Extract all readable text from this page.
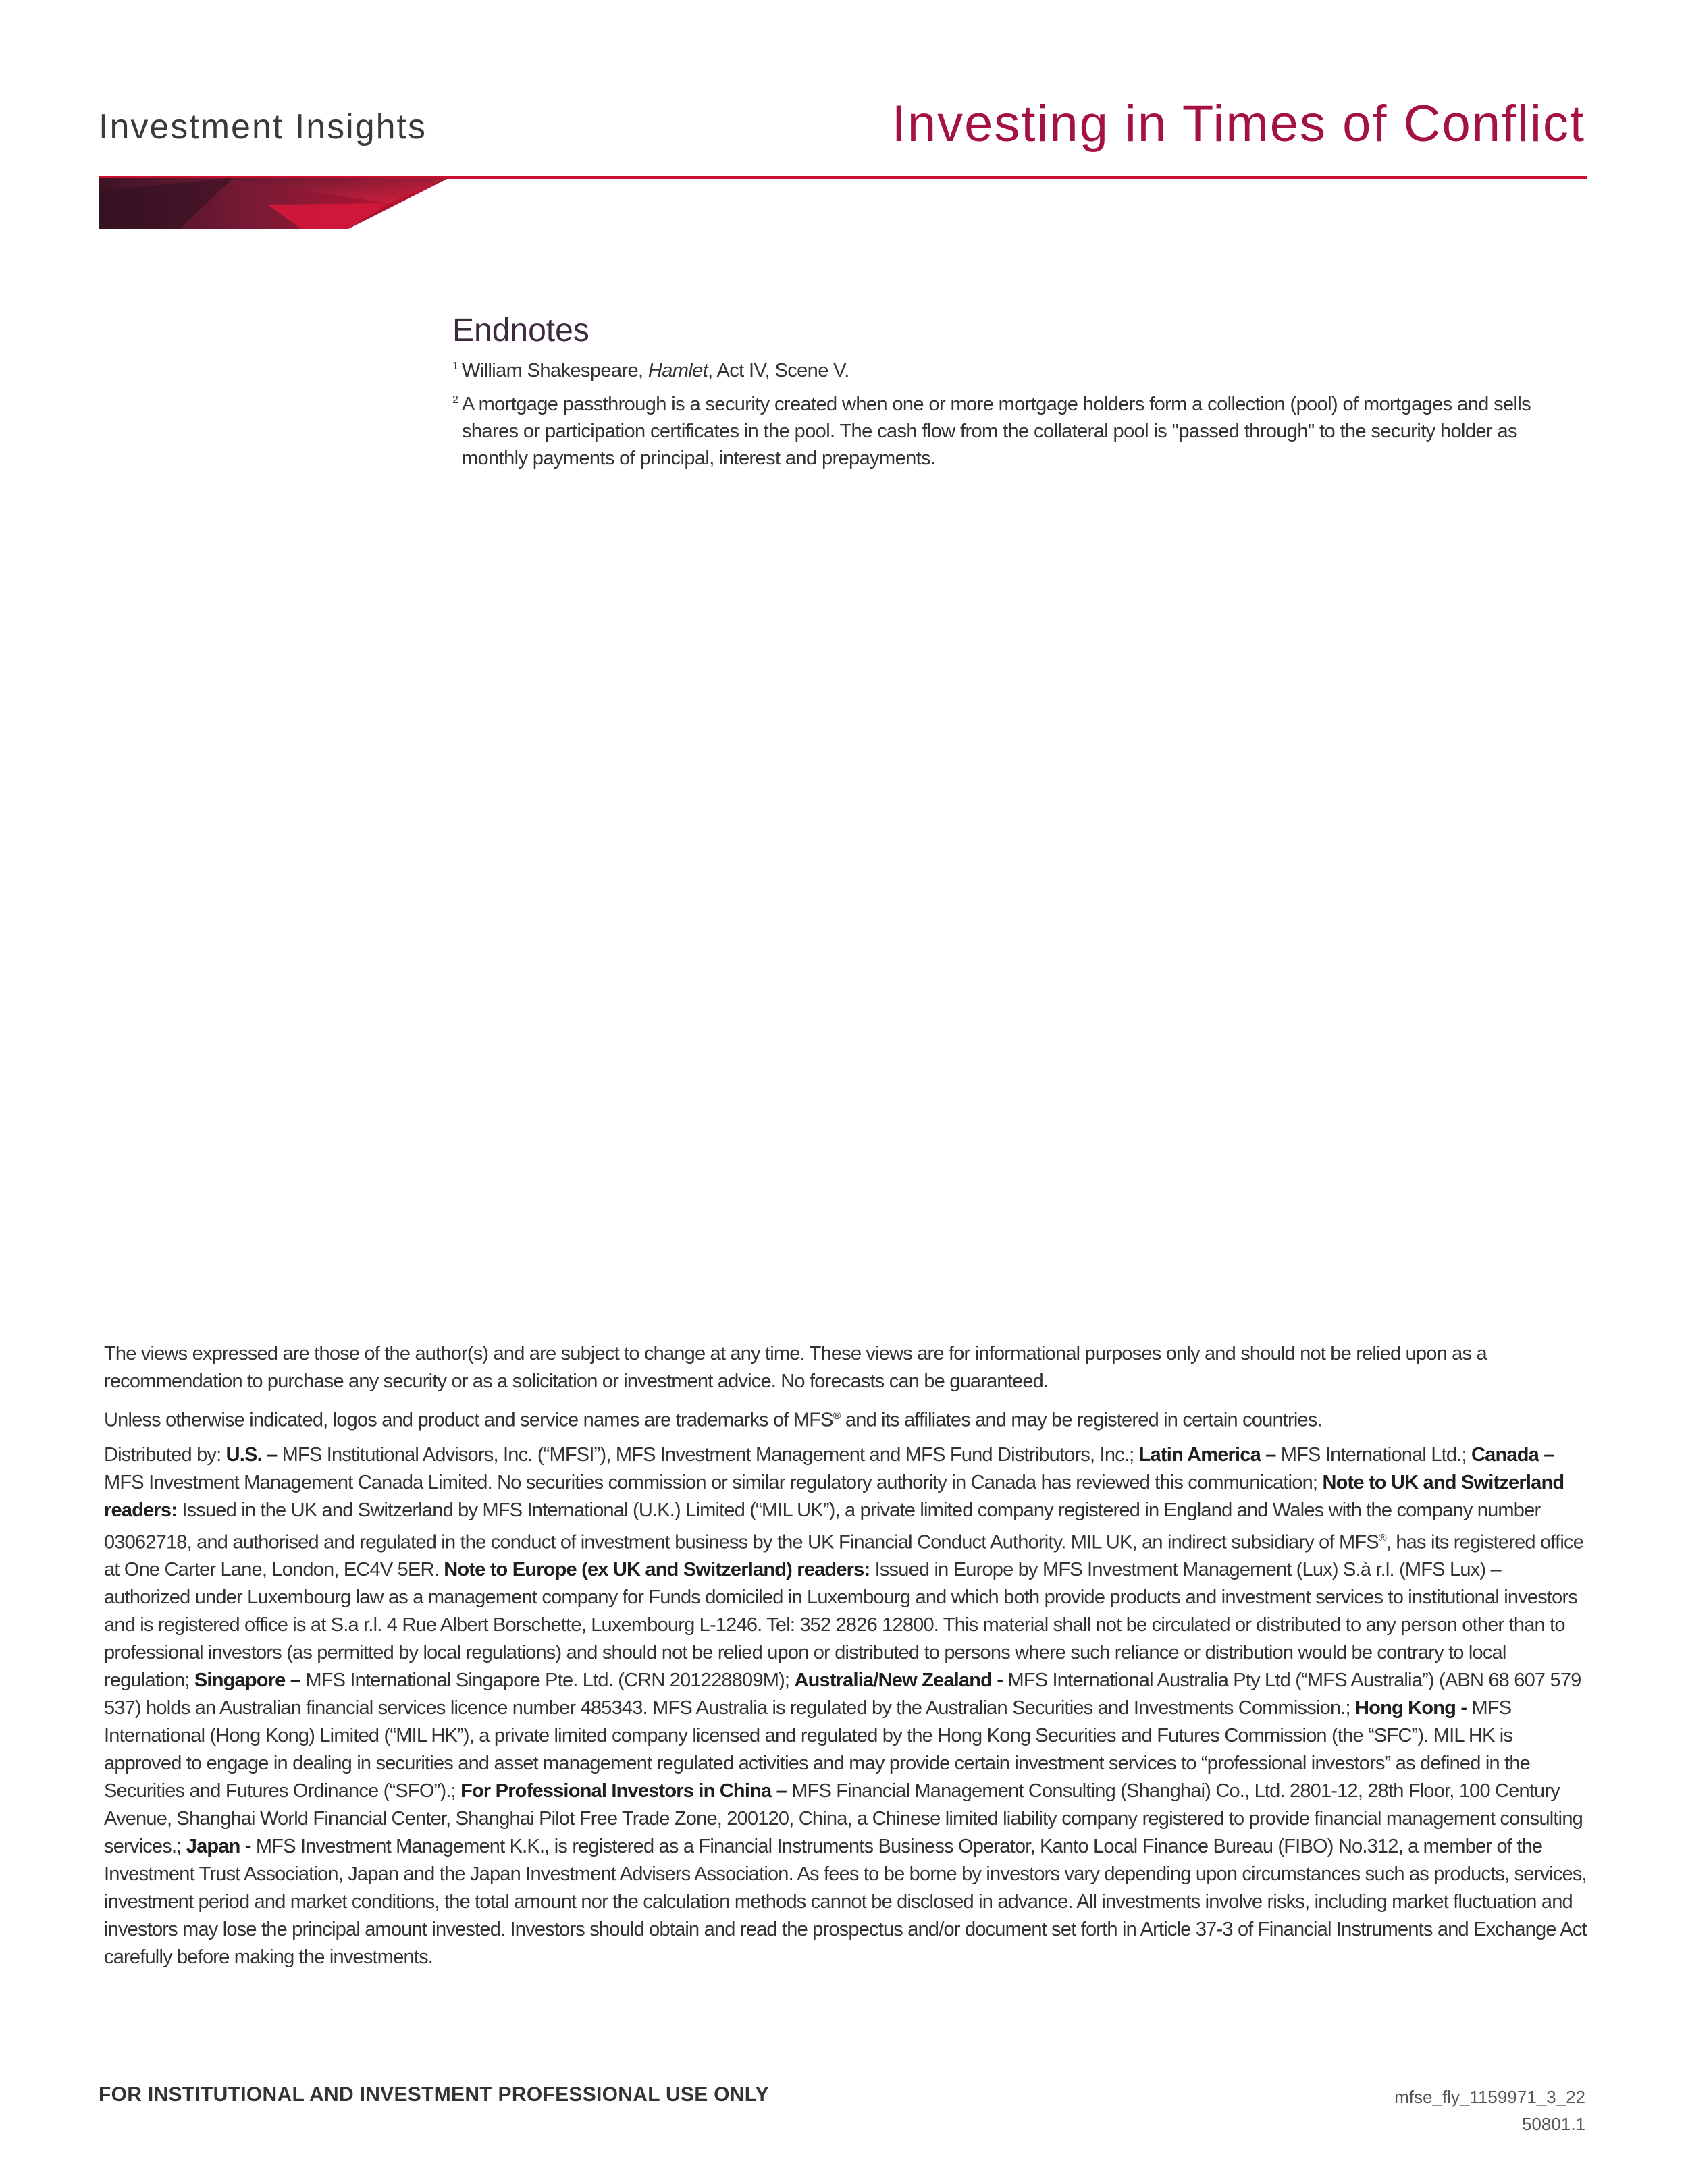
Investment Insights	Investing in Times of Conflict
Endnotes
1 William Shakespeare, Hamlet, Act IV, Scene V.
2 A mortgage passthrough is a security created when one or more mortgage holders form a collection (pool) of mortgages and sells shares or participation certificates in the pool. The cash flow from the collateral pool is "passed through" to the security holder as monthly payments of principal, interest and prepayments.

The views expressed are those of the author(s) and are subject to change at any time. These views are for informational purposes only and should not be relied upon as a recommendation to purchase any security or as a solicitation or investment advice. No forecasts can be guaranteed.

Unless otherwise indicated, logos and product and service names are trademarks of MFS® and its affiliates and may be registered in certain countries.

Distributed by: U.S. – MFS Institutional Advisors, Inc. (“MFSI”), MFS Investment Management and MFS Fund Distributors, Inc.; Latin America – MFS International Ltd.; Canada – MFS Investment Management Canada Limited. No securities commission or similar regulatory authority in Canada has reviewed this communication; Note to UK and Switzerland readers: Issued in the UK and Switzerland by MFS International (U.K.) Limited (“MIL UK”), a private limited company registered in England and Wales with the company number 03062718, and authorised and regulated in the conduct of investment business by the UK Financial Conduct Authority. MIL UK, an indirect subsidiary of MFS®, has its registered office at One Carter Lane, London, EC4V 5ER. Note to Europe (ex UK and Switzerland) readers: Issued in Europe by MFS Investment Management (Lux) S.à r.l. (MFS Lux) – authorized under Luxembourg law as a management company for Funds domiciled in Luxembourg and which both provide products and investment services to institutional investors and is registered office is at S.a r.l. 4 Rue Albert Borschette, Luxembourg L-1246. Tel: 352 2826 12800. This material shall not be circulated or distributed to any person other than to professional investors (as permitted by local regulations) and should not be relied upon or distributed to persons where such reliance or distribution would be contrary to local regulation; Singapore – MFS International Singapore Pte. Ltd. (CRN 201228809M); Australia/New Zealand - MFS International Australia Pty Ltd (“MFS Australia”) (ABN 68 607 579 537) holds an Australian financial services licence number 485343. MFS Australia is regulated by the Australian Securities and Investments Commission.; Hong Kong - MFS International (Hong Kong) Limited (“MIL HK”), a private limited company licensed and regulated by the Hong Kong Securities and Futures Commission (the “SFC”). MIL HK is approved to engage in dealing in securities and asset management regulated activities and may provide certain investment services to “professional investors” as defined in the Securities and Futures Ordinance (“SFO”).; For Professional Investors in China – MFS Financial Management Consulting (Shanghai) Co., Ltd. 2801-12, 28th Floor, 100 Century Avenue, Shanghai World Financial Center, Shanghai Pilot Free Trade Zone, 200120, China, a Chinese limited liability company registered to provide financial management consulting services.; Japan - MFS Investment Management K.K., is registered as a Financial Instruments Business Operator, Kanto Local Finance Bureau (FIBO) No.312, a member of the Investment Trust Association, Japan and the Japan Investment Advisers Association. As fees to be borne by investors vary depending upon circumstances such as products, services, investment period and market conditions, the total amount nor the calculation methods cannot be disclosed in advance. All investments involve risks, including market fluctuation and investors may lose the principal amount invested. Investors should obtain and read the prospectus and/or document set forth in Article 37-3 of Financial Instruments and Exchange Act carefully before making the investments.

FOR INSTITUTIONAL AND INVESTMENT PROFESSIONAL USE ONLY	mfse_fly_1159971_3_22
50801.1
